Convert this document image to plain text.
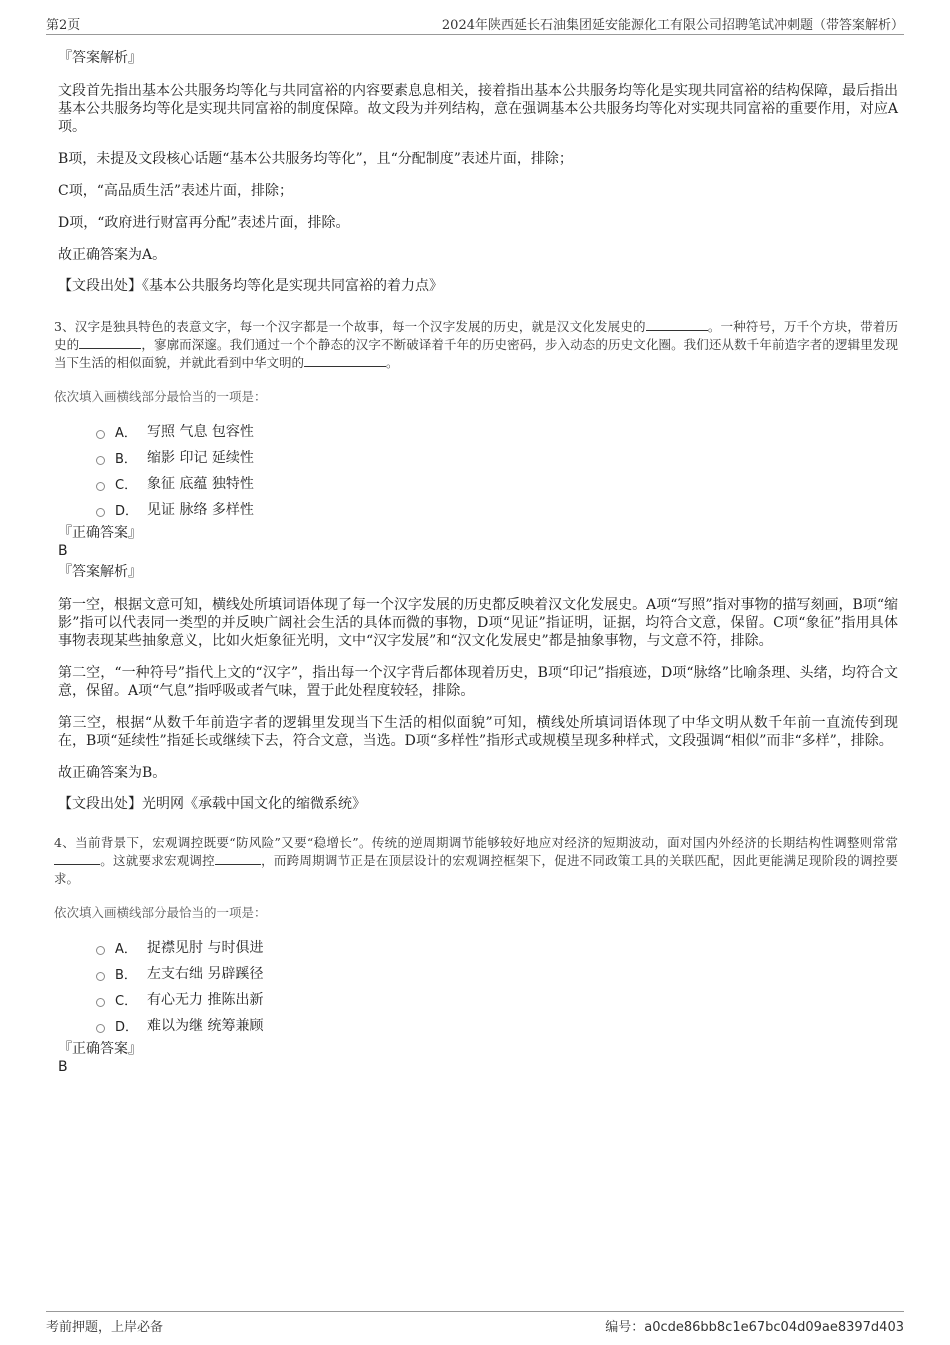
第2页	2024年陕西延长石油集团延安能源化工有限公司招聘笔试冲刺题（带答案解析）

『答案解析』

文段首先指出基本公共服务均等化与共同富裕的内容要素息息相关，接着指出基本公共服务均等化是实现共同富裕的结构保障，最后指出基本公共服务均等化是实现共同富裕的制度保障。故文段为并列结构，意在强调基本公共服务均等化对实现共同富裕的重要作用，对应A项。

B项，未提及文段核心话题“基本公共服务均等化”，且“分配制度”表述片面，排除；

C项，“高品质生活”表述片面，排除；

D项，“政府进行财富再分配”表述片面，排除。

故正确答案为A。

【文段出处】《基本公共服务均等化是实现共同富裕的着力点》

3、汉字是独具特色的表意文字，每一个汉字都是一个故事，每一个汉字发展的历史，就是汉文化发展史的	。一种符号，万千个方块，带着历史的	，寥廓而深邃。我们通过一个个静态的汉字不断破译着千年的历史密码，步入动态的历史文化圈。我们还从数千年前造字者的逻辑里发现当下生活的相似面貌，并就此看到中华文明的	。

依次填入画横线部分最恰当的一项是：

A． 写照 气息 包容性
B． 缩影 印记 延续性
C． 象征 底蕴 独特性
D． 见证 脉络 多样性

『正确答案』

B

『答案解析』

第一空，根据文意可知，横线处所填词语体现了每一个汉字发展的历史都反映着汉文化发展史。A项“写照”指对事物的描写刻画，B项“缩影”指可以代表同一类型的并反映广阔社会生活的具体而微的事物，D项“见证”指证明，证据，均符合文意，保留。C项“象征”指用具体事物表现某些抽象意义，比如火炬象征光明，文中“汉字发展”和“汉文化发展史”都是抽象事物，与文意不符，排除。

第二空，“一种符号”指代上文的“汉字”，指出每一个汉字背后都体现着历史，B项“印记”指痕迹，D项“脉络”比喻条理、头绪，均符合文意，保留。A项“气息”指呼吸或者气味，置于此处程度较轻，排除。

第三空，根据“从数千年前造字者的逻辑里发现当下生活的相似面貌”可知，横线处所填词语体现了中华文明从数千年前一直流传到现在，B项“延续性”指延长或继续下去，符合文意，当选。D项“多样性”指形式或规模呈现多种样式，文段强调“相似”而非“多样”，排除。

故正确答案为B。

【文段出处】光明网《承载中国文化的缩微系统》

4、当前背景下，宏观调控既要“防风险”又要“稳增长”。传统的逆周期调节能够较好地应对经济的短期波动，面对国内外经济的长期结构性调整则常常。这就要求宏观调控	，而跨周期调节正是在顶层设计的宏观调控框架下，促进不同政策工具的关联匹配，因此更能满足现阶段的调控要求。

依次填入画横线部分最恰当的一项是：

A． 捉襟见肘 与时俱进
B． 左支右绌 另辟蹊径
C． 有心无力 推陈出新
D． 难以为继 统筹兼顾

『正确答案』

B

考前押题，上岸必备	编号：a0cde86bb8c1e67bc04d09ae8397d403
